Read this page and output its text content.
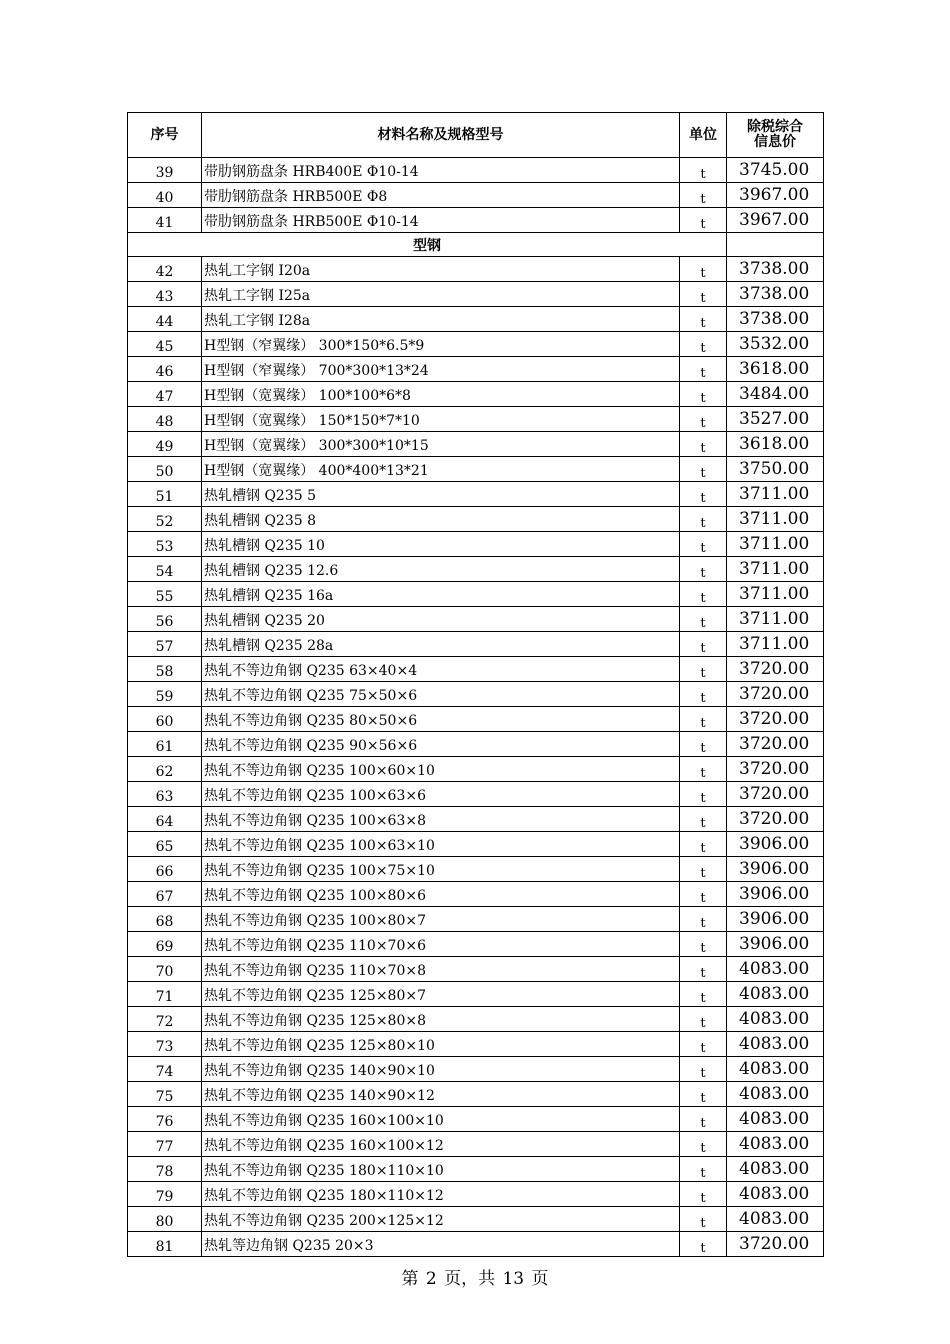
序号	材料名称及规格型号	单位	除税综合
信息价

39	带肋钢筋盘条 HRB400E Φ10-14	t	3745.00
40	带肋钢筋盘条 HRB500E Φ8	t	3967.00
41	带肋钢筋盘条 HRB500E Φ10-14	t	3967.00
型钢			
42	热轧工字钢 I20a	t	3738.00
43	热轧工字钢 I25a	t	3738.00
44	热轧工字钢 I28a	t	3738.00
45	H型钢（窄翼缘） 300*150*6.5*9	t	3532.00
46	H型钢（窄翼缘） 700*300*13*24	t	3618.00
47	H型钢（宽翼缘） 100*100*6*8	t	3484.00
48	H型钢（宽翼缘） 150*150*7*10	t	3527.00
49	H型钢（宽翼缘） 300*300*10*15	t	3618.00
50	H型钢（宽翼缘） 400*400*13*21	t	3750.00
51	热轧槽钢 Q235 5	t	3711.00
52	热轧槽钢 Q235 8	t	3711.00
53	热轧槽钢 Q235 10	t	3711.00
54	热轧槽钢 Q235 12.6	t	3711.00
55	热轧槽钢 Q235 16a	t	3711.00
56	热轧槽钢 Q235 20	t	3711.00
57	热轧槽钢 Q235 28a	t	3711.00
58	热轧不等边角钢 Q235 63×40×4	t	3720.00
59	热轧不等边角钢 Q235 75×50×6	t	3720.00
60	热轧不等边角钢 Q235 80×50×6	t	3720.00
61	热轧不等边角钢 Q235 90×56×6	t	3720.00
62	热轧不等边角钢 Q235 100×60×10	t	3720.00
63	热轧不等边角钢 Q235 100×63×6	t	3720.00
64	热轧不等边角钢 Q235 100×63×8	t	3720.00
65	热轧不等边角钢 Q235 100×63×10	t	3906.00
66	热轧不等边角钢 Q235 100×75×10	t	3906.00
67	热轧不等边角钢 Q235 100×80×6	t	3906.00
68	热轧不等边角钢 Q235 100×80×7	t	3906.00
69	热轧不等边角钢 Q235 110×70×6	t	3906.00
70	热轧不等边角钢 Q235 110×70×8	t	4083.00
71	热轧不等边角钢 Q235 125×80×7	t	4083.00
72	热轧不等边角钢 Q235 125×80×8	t	4083.00
73	热轧不等边角钢 Q235 125×80×10	t	4083.00
74	热轧不等边角钢 Q235 140×90×10	t	4083.00
75	热轧不等边角钢 Q235 140×90×12	t	4083.00
76	热轧不等边角钢 Q235 160×100×10	t	4083.00
77	热轧不等边角钢 Q235 160×100×12	t	4083.00
78	热轧不等边角钢 Q235 180×110×10	t	4083.00
79	热轧不等边角钢 Q235 180×110×12	t	4083.00
80	热轧不等边角钢 Q235 200×125×12	t	4083.00
81	热轧等边角钢 Q235 20×3	t	3720.00
第 2 页，共 13 页
